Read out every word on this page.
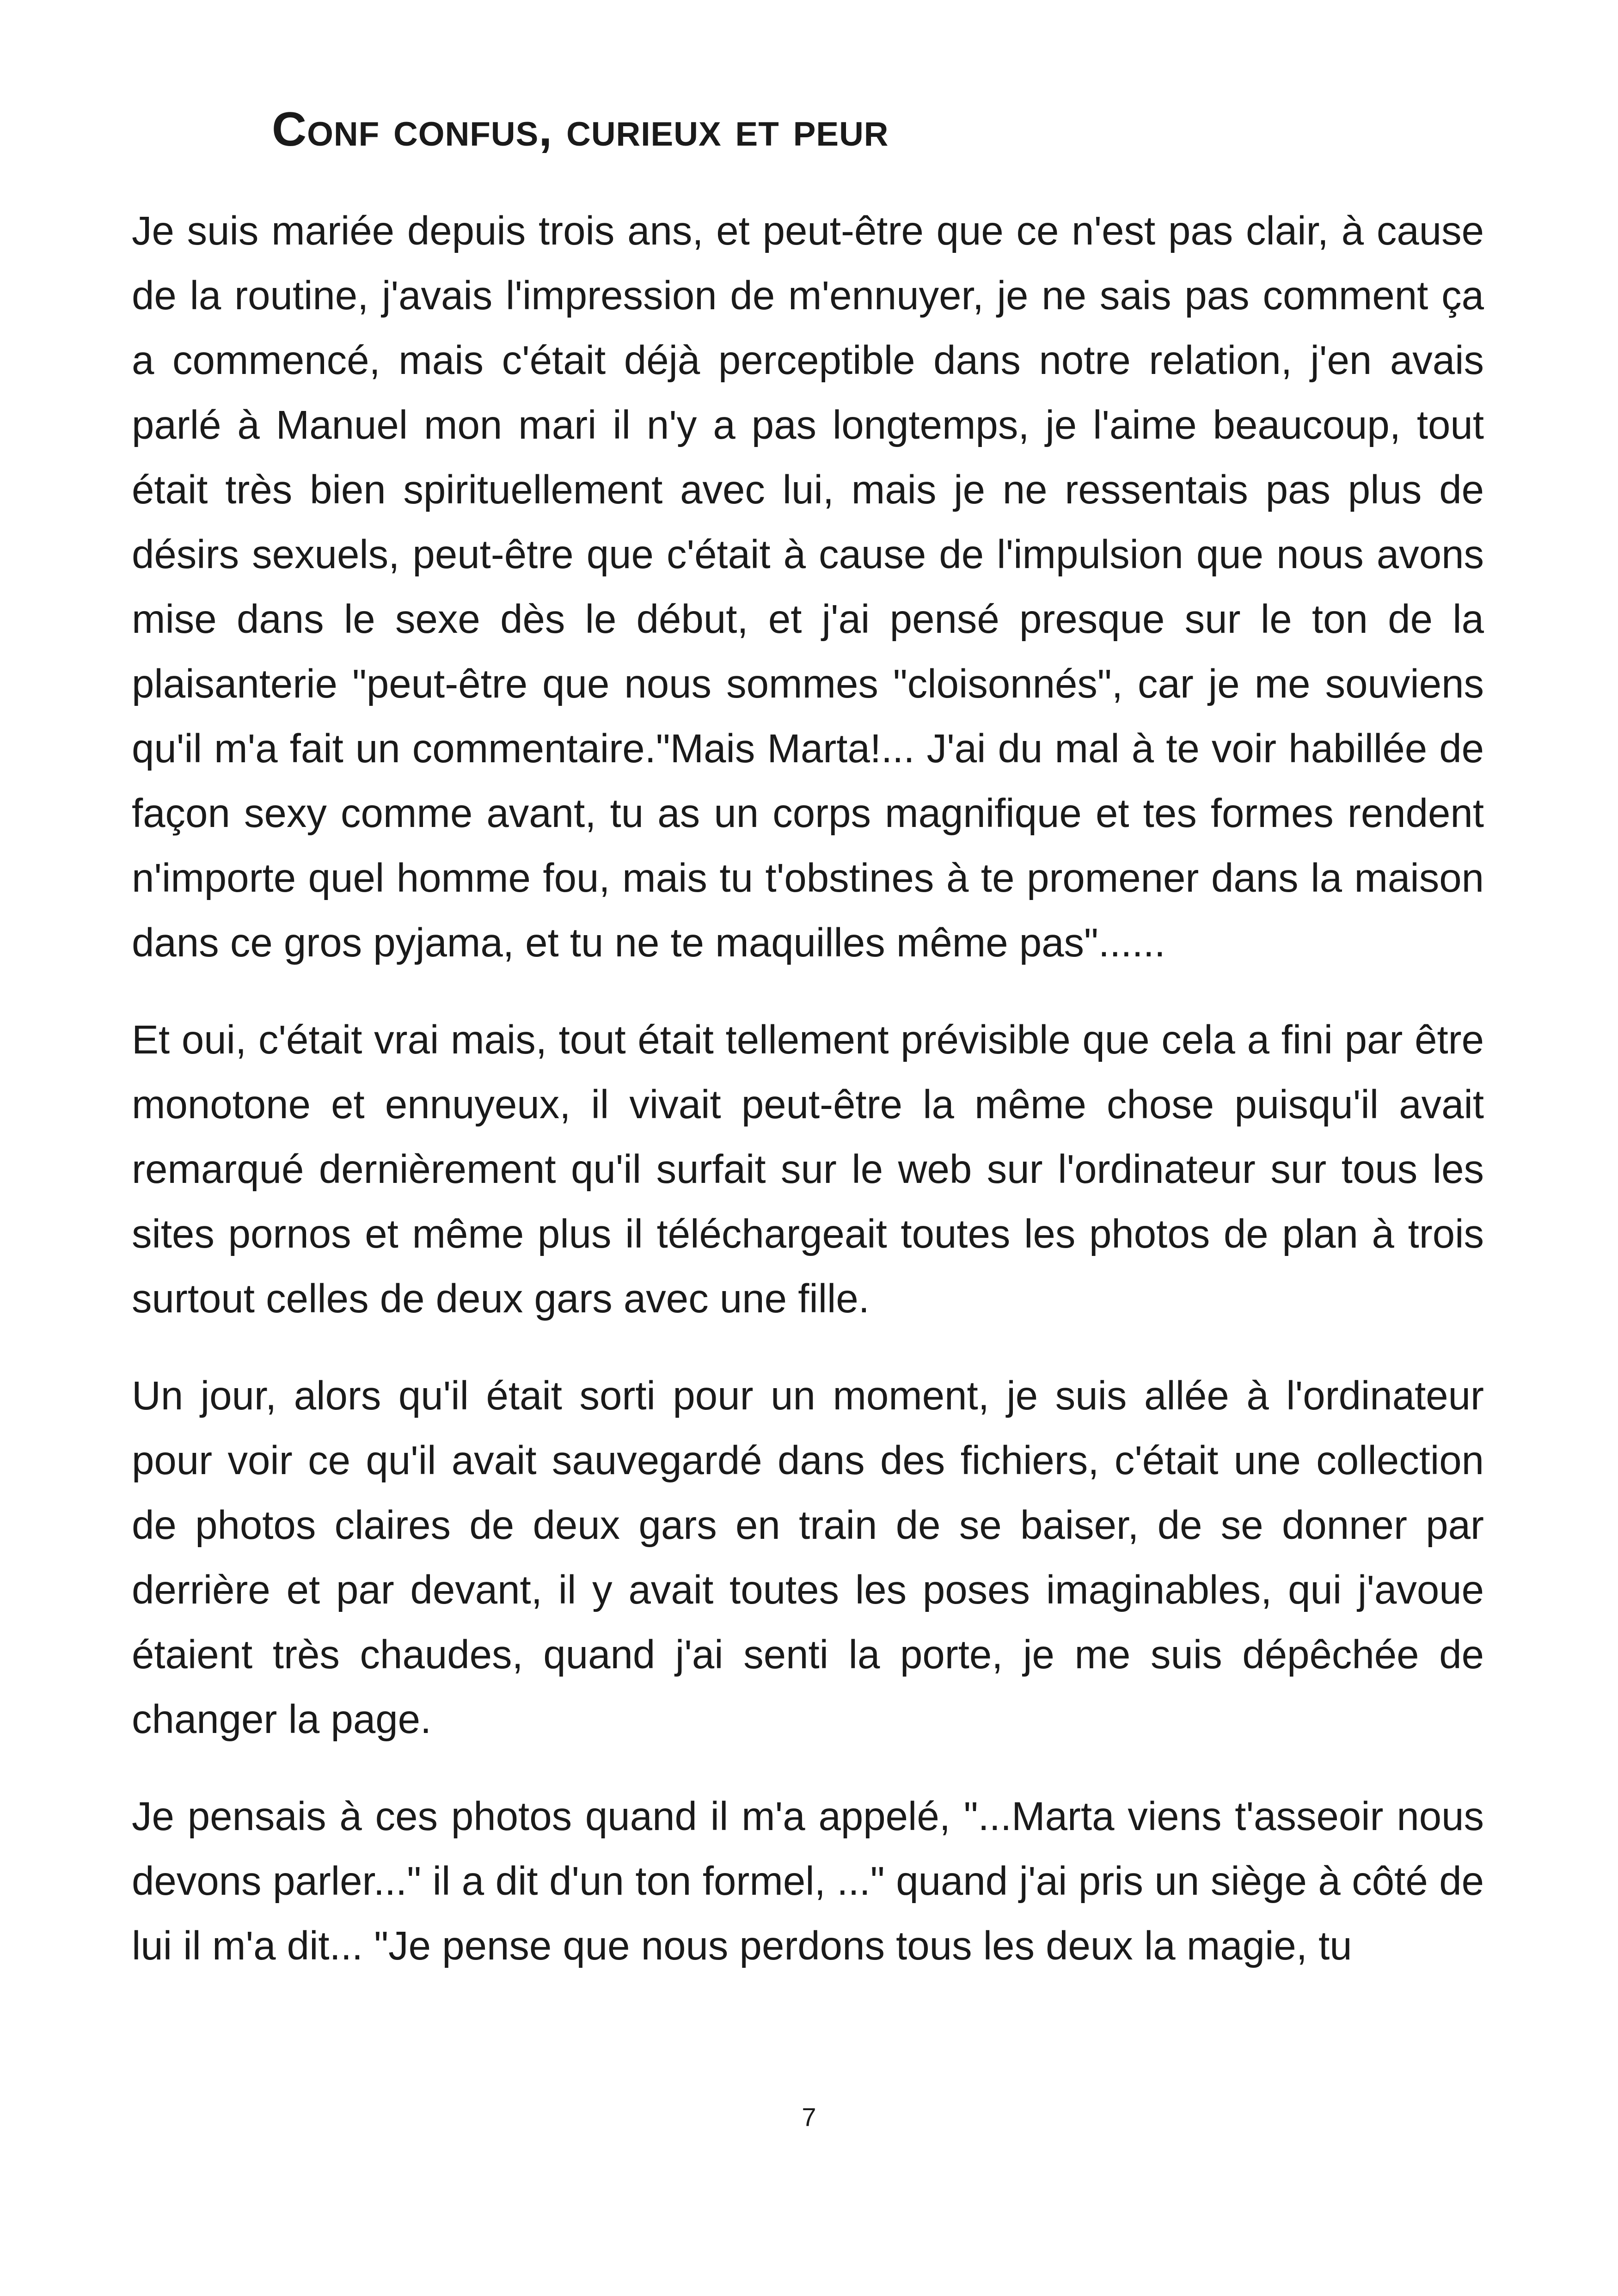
Conf confus, curieux et peur

Je suis mariée depuis trois ans, et peut-être que ce n'est pas clair, à cause de la routine, j'avais l'impression de m'ennuyer, je ne sais pas comment ça a commencé, mais c'était déjà perceptible dans notre relation, j'en avais parlé à Manuel mon mari il n'y a pas longtemps, je l'aime beaucoup, tout était très bien spirituellement avec lui, mais je ne ressentais pas plus de désirs sexuels, peut-être que c'était à cause de l'impulsion que nous avons mise dans le sexe dès le début, et j'ai pensé presque sur le ton de la plaisanterie "peut-être que nous sommes "cloisonnés", car je me souviens qu'il m'a fait un commentaire."Mais Marta!... J'ai du mal à te voir habillée de façon sexy comme avant, tu as un corps magnifique et tes formes rendent n'importe quel homme fou, mais tu t'obstines à te promener dans la maison dans ce gros pyjama, et tu ne te maquilles même pas"......

Et oui, c'était vrai mais, tout était tellement prévisible que cela a fini par être monotone et ennuyeux, il vivait peut-être la même chose puisqu'il avait remarqué dernièrement qu'il surfait sur le web sur l'ordinateur sur tous les sites pornos et même plus il téléchargeait toutes les photos de plan à trois surtout celles de deux gars avec une fille.

Un jour, alors qu'il était sorti pour un moment, je suis allée à l'ordinateur pour voir ce qu'il avait sauvegardé dans des fichiers, c'était une collection de photos claires de deux gars en train de se baiser, de se donner par derrière et par devant, il y avait toutes les poses imaginables, qui j'avoue étaient très chaudes, quand j'ai senti la porte, je me suis dépêchée de changer la page.

Je pensais à ces photos quand il m'a appelé, "...Marta viens t'asseoir nous devons parler..." il a dit d'un ton formel, ..." quand j'ai pris un siège à côté de lui il m'a dit... "Je pense que nous perdons tous les deux la magie, tu

7
